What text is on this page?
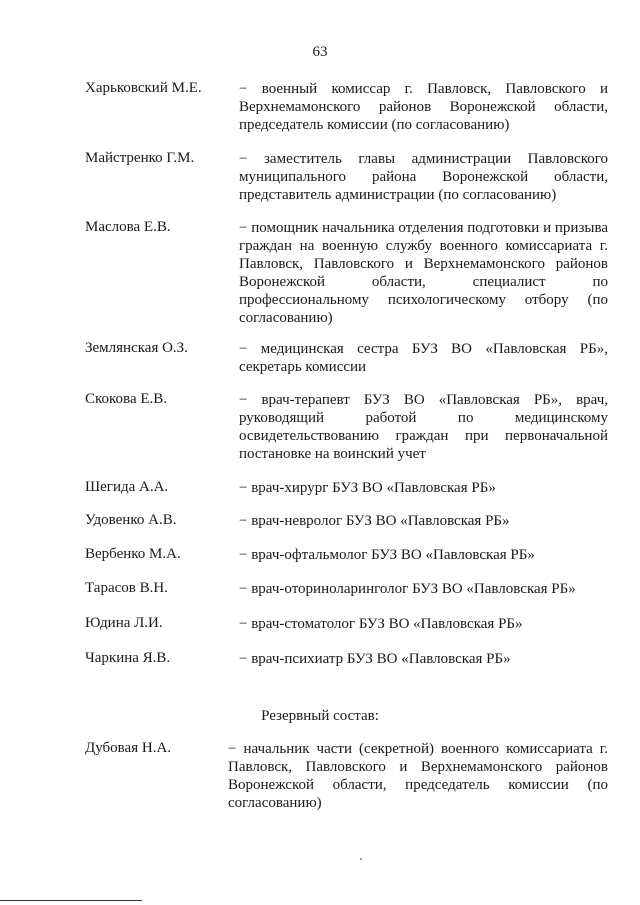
63
Харьковский М.Е. − военный комиссар г. Павловск, Павловского и Верхнемамонского районов Воронежской области, председатель комиссии (по согласованию)
Майстренко Г.М.	− заместитель главы администрации Павловского муниципального района Воронежской области, представитель администрации (по согласованию)
Маслова Е.В.	− помощник начальника отделения подготовки и призыва граждан на военную службу военного комиссариата г. Павловск, Павловского и Верхнемамонского районов Воронежской области, специалист по профессиональному психологическому отбору (по согласованию)
Землянская О.З.	− медицинская сестра БУЗ ВО «Павловская РБ», секретарь комиссии
Скокова Е.В.	− врач-терапевт БУЗ ВО «Павловская РБ», врач, руководящий работой по медицинскому освидетельствованию граждан при первоначальной постановке на воинский учет
Шегида А.А.	− врач-хирург БУЗ ВО «Павловская РБ»
Удовенко А.В.	− врач-невролог БУЗ ВО «Павловская РБ»
Вербенко М.А.	− врач-офтальмолог БУЗ ВО «Павловская РБ»
Тарасов В.Н.	− врач-оториноларинголог БУЗ ВО «Павловская РБ»
Юдина Л.И.	− врач-стоматолог БУЗ ВО «Павловская РБ»
Чаркина Я.В.	− врач-психиатр БУЗ ВО «Павловская РБ»
Резервный состав:
Дубовая Н.А.	− начальник части (секретной) военного комиссариата г. Павловск, Павловского и Верхнемамонского районов Воронежской области, председатель комиссии (по согласованию)
